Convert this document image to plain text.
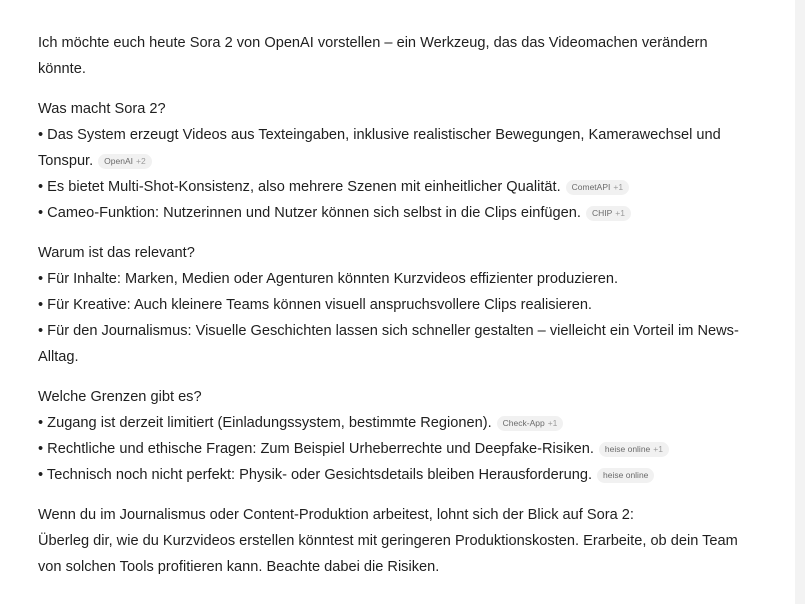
Ich möchte euch heute Sora 2 von OpenAI vorstellen – ein Werkzeug, das das Videomachen verändern könnte.

Was macht Sora 2?
• Das System erzeugt Videos aus Texteingaben, inklusive realistischer Bewegungen, Kamerawechsel und Tonspur. OpenAI +2
• Es bietet Multi-Shot-Konsistenz, also mehrere Szenen mit einheitlicher Qualität. CometAPI +1
• Cameo-Funktion: Nutzerinnen und Nutzer können sich selbst in die Clips einfügen. CHIP +1

Warum ist das relevant?
• Für Inhalte: Marken, Medien oder Agenturen könnten Kurzvideos effizienter produzieren.
• Für Kreative: Auch kleinere Teams können visuell anspruchsvollere Clips realisieren.
• Für den Journalismus: Visuelle Geschichten lassen sich schneller gestalten – vielleicht ein Vorteil im News-Alltag.

Welche Grenzen gibt es?
• Zugang ist derzeit limitiert (Einladungssystem, bestimmte Regionen). Check-App +1
• Rechtliche und ethische Fragen: Zum Beispiel Urheberrechte und Deepfake-Risiken. heise online +1
• Technisch noch nicht perfekt: Physik- oder Gesichtsdetails bleiben Herausforderung. heise online

Wenn du im Journalismus oder Content-Produktion arbeitest, lohnt sich der Blick auf Sora 2:
Überleg dir, wie du Kurzvideos erstellen könntest mit geringeren Produktionskosten. Erarbeite, ob dein Team von solchen Tools profitieren kann. Beachte dabei die Risiken.
